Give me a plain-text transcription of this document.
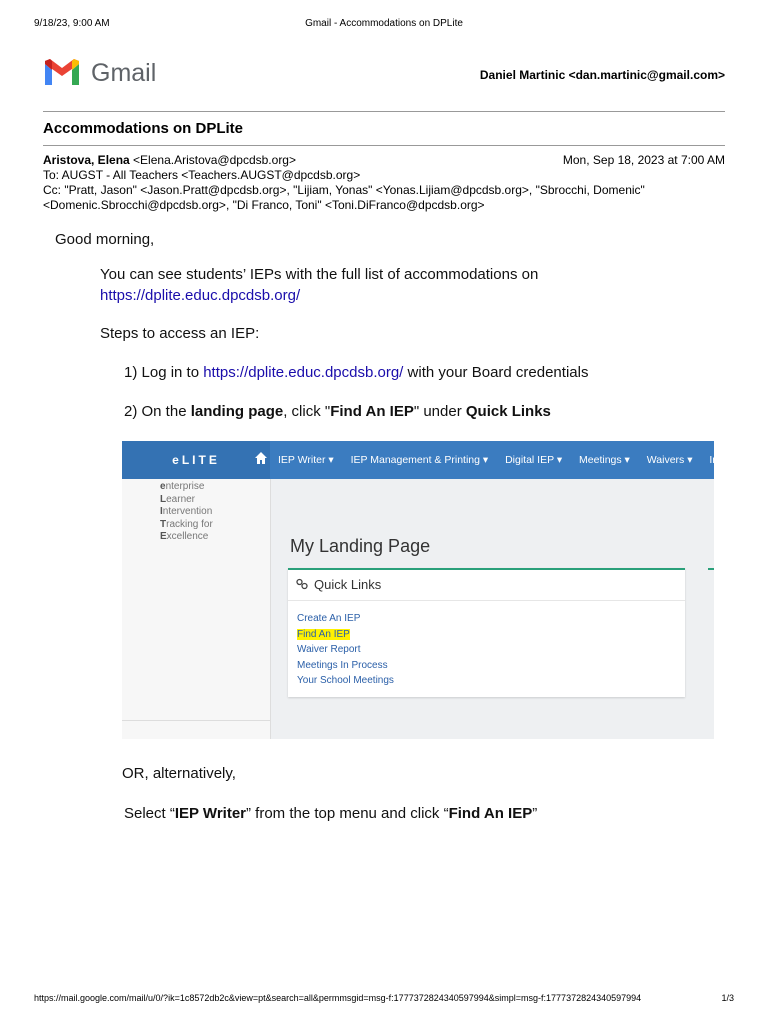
9/18/23, 9:00 AM	Gmail - Accommodations on DPLite
Gmail	Daniel Martinic <dan.martinic@gmail.com>
Accommodations on DPLite
Aristova, Elena <Elena.Aristova@dpcdsb.org>	Mon, Sep 18, 2023 at 7:00 AM
To: AUGST - All Teachers <Teachers.AUGST@dpcdsb.org>
Cc: "Pratt, Jason" <Jason.Pratt@dpcdsb.org>, "Lijiam, Yonas" <Yonas.Lijiam@dpcdsb.org>, "Sbrocchi, Domenic"
<Domenic.Sbrocchi@dpcdsb.org>, "Di Franco, Toni" <Toni.DiFranco@dpcdsb.org>
Good morning,
You can see students’ IEPs with the full list of accommodations on
https://dplite.educ.dpcdsb.org/
Steps to access an IEP:
1) Log in to https://dplite.educ.dpcdsb.org/ with your Board credentials
2) On the landing page, click "Find An IEP" under Quick Links
eLITE	IEP Writer ▾ IEP Management & Printing ▾ Digital IEP ▾ Meetings ▾ Waivers ▾ In
enterprise
Learner
Intervention
Tracking for
Excellence	My Landing Page
Quick Links
Create An IEP
Find An IEP
Waiver Report
Meetings In Process
Your School Meetings
OR, alternatively,
Select “IEP Writer” from the top menu and click “Find An IEP”
https://mail.google.com/mail/u/0/?ik=1c8572db2c&view=pt&search=all&permmsgid=msg-f:1777372824340597994&simpl=msg-f:1777372824340597994	1/3
